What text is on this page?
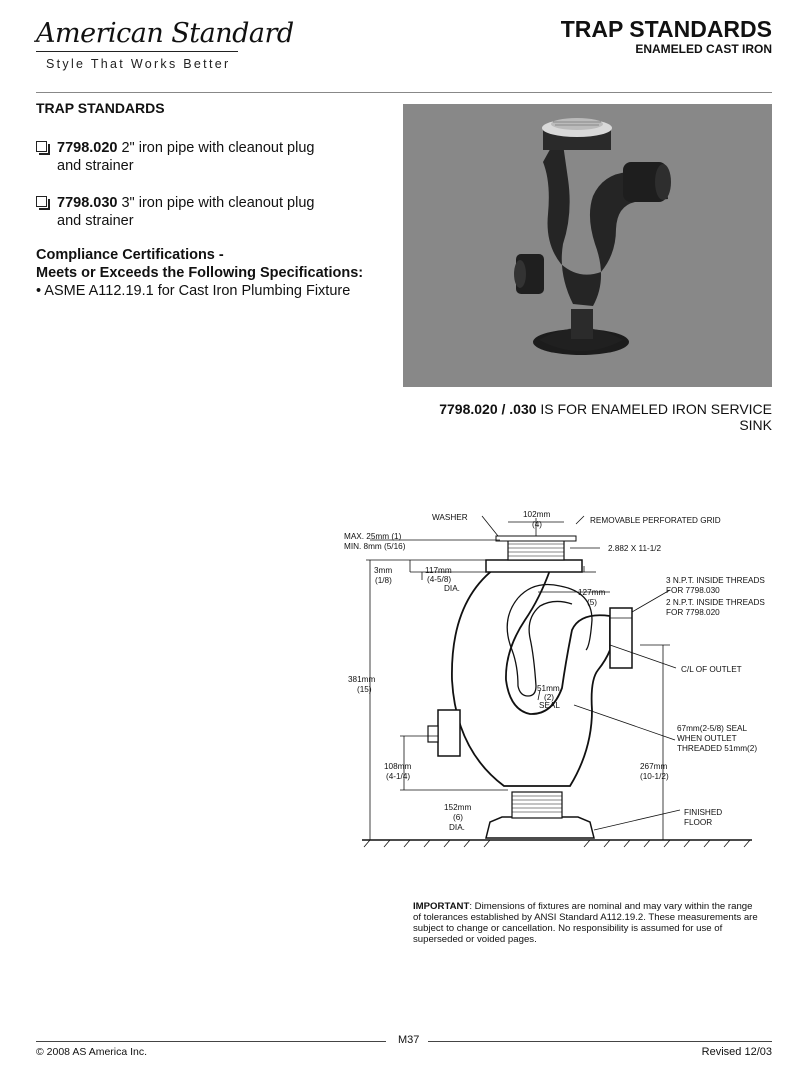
American Standard
Style That Works Better
TRAP STANDARDS
ENAMELED CAST IRON
TRAP STANDARDS
7798.020 2" iron pipe with cleanout plug
and strainer
7798.030 3" iron pipe with cleanout plug
and strainer
Compliance Certifications -
Meets or Exceeds the Following Specifications:
• ASME A112.19.1 for Cast Iron Plumbing Fixture
7798.020 / .030 IS FOR ENAMELED IRON SERVICE SINK
WASHER	102mm
(4)	REMOVABLE PERFORATED GRID
MAX. 25mm (1)
MIN. 8mm (5/16)	2.882 X 11-1/2
3mm
(1/8)
117mm
(4-5/8)
DIA.	127mm
(5)
3 N.P.T. INSIDE THREADS
FOR 7798.030
2 N.P.T. INSIDE THREADS
FOR 7798.020
381mm
(15)
C/L OF OUTLET
51mm
(2)
SEAL
67mm(2-5/8) SEAL
WHEN OUTLET
THREADED 51mm(2)
108mm
(4-1/4)
267mm
(10-1/2)
152mm
(6)
DIA.
FINISHED
FLOOR
IMPORTANT: Dimensions of fixtures are nominal and may vary within the range of tolerances established by ANSI Standard A112.19.2. These measurements are subject to change or cancellation. No responsibility is assumed for use of superseded or voided pages.
M37
© 2008 AS America Inc.	Revised 12/03
